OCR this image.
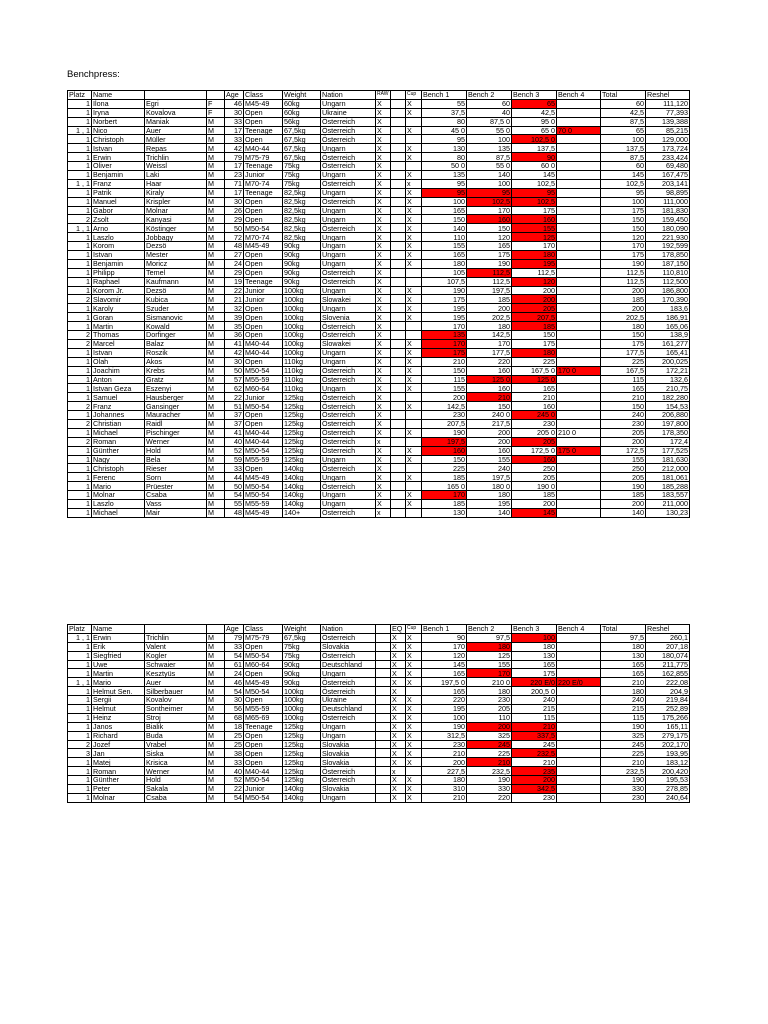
Benchpress:
Platz	Name			Age	Class	Weight	Nation	RAW		Cup	Bench 1	Bench 2	Bench 3	Bench 4	Total	Reshel
1	Ilona	Egri	F	46	M45-49	60kg	Ungarn	X		X	55	60	65		60	111,120
1	Iryna	Kovalova	F	30	Open	60kg	Ukraine	X		X	37,5	40	42,5		42,5	77,393
1	Norbert	Maniak	M	33	Open	56kg	Österreich	X			80	87,5 0	95 0		87,5	139,388
1 , 1	Nico	Auer	M	17	Teenage	67,5kg	Österreich	X		X	45 0	55 0	65 0	70 0	65	85,215
1	Christoph	Müller	M	33	Open	67,5kg	Österreich	X			95	100	102,5 0		100	129,000
1	Istvan	Repas	M	42	M40-44	67,5kg	Ungarn	X		X	130	135	137,5		137,5	173,724
1	Erwin	Trichlin	M	79	M75-79	67,5kg	Österreich	X		X	80	87,5	90		87,5	233,424
1	Oliver	Weissl	M	17	Teenage	75kg	Österreich	X			50 0	55 0	60 0		60	69,480
1	Benjamin	Laki	M	23	Junior	75kg	Ungarn	X		X	135	140	145		145	167,475
1 , 1	Franz	Haar	M	71	M70-74	75kg	Österreich	X		x	95	100	102,5		102,5	203,141
1	Patrik	Kiraly	M	17	Teenage	82,5kg	Ungarn	X		X	95	95	95		95	98,895
1	Manuel	Krispler	M	30	Open	82,5kg	Österreich	X		X	100	102,5	102,5		100	111,000
1	Gabor	Molnar	M	26	Open	82,5kg	Ungarn	X		X	165	170	175		175	181,830
2	Zsolt	Kanyasi	M	29	Open	82,5kg	Ungarn	X		X	150	160	160		150	159,450
1 , 1	Arno	Köstinger	M	50	M50-54	82,5kg	Österreich	X		X	140	150	155		150	180,090
1	Laszlo	Jobbagy	M	72	M70-74	82,5kg	Ungarn	X		X	110	120	125		120	221,930
1	Korom	Dezsö	M	48	M45-49	90kg	Ungarn	X		X	155	165	170		170	192,599
1	Istvan	Mester	M	27	Open	90kg	Ungarn	X		X	165	175	180		175	178,850
1	Benjamin	Moricz	M	24	Open	90kg	Ungarn	X		X	180	190	195		190	187,150
1	Philipp	Temel	M	29	Open	90kg	Österreich	X			105	112,5	112,5		112,5	110,810
1	Raphael	Kaufmann	M	19	Teenage	90kg	Österreich	X			107,5	112,5	120		112,5	112,500
1	Korom Jr.	Dezsö	M	22	Junior	100kg	Ungarn	X		X	190	197,5	200		200	186,800
2	Slavomir	Kubica	M	21	Junior	100kg	Slowakei	X		X	175	185	200		185	170,390
1	Karoly	Szuder	M	32	Open	100kg	Ungarn	X		X	195	200	205		200	183,6
1	Goran	Sismanovic	M	39	Open	100kg	Slovenia	X		X	195	202,5	207,5		202,5	186,91
1	Martin	Kowald	M	35	Open	100kg	Österreich	X			170	180	185		180	165,06
2	Thomas	Dorfinger	M	36	Open	100kg	Österreich	X			135	142,5	150		150	138,9
2	Marcel	Balaz	M	41	M40-44	100kg	Slowakei	X		X	170	170	175		175	161,277
1	Istvan	Roszik	M	42	M40-44	100kg	Ungarn	X		X	175	177,5	180		177,5	165,41
1	Olah	Akos	M	30	Open	110kg	Ungarn	X		X	210	220	225		225	200,025
1	Joachim	Krebs	M	50	M50-54	110kg	Österreich	X		X	150	160	167,5 0	170 0	167,5	172,21
1	Anton	Gratz	M	57	M55-59	110kg	Österreich	X		X	115	125 0	125 0		115	132,6
1	Istvan Geza	Eszenyi	M	62	M60-64	110kg	Ungarn	X		X	155	160	165		165	210,75
1	Samuel	Hausberger	M	22	Junior	125kg	Österreich	X			200	210	210		210	182,280
2	Franz	Gansinger	M	51	M50-54	125kg	Österreich	X		X	142,5	150	160		150	154,53
1	Johannes	Mauracher	M	37	Open	125kg	Österreich	X			230	240 0	245 0		240	206,880
2	Christian	Raidl	M	37	Open	125kg	Österreich	X			207,5	217,5	230		230	197,800
1	Michael	Pischinger	M	41	M40-44	125kg	Österreich	X		X	190	200	205 0	210 0	205	178,350
2	Roman	Werner	M	40	M40-44	125kg	Österreich	x			197,5	200	205		200	172,4
1	Günther	Hold	M	52	M50-54	125kg	Österreich	X		X	160	160	172,5 0	175 0	172,5	177,525
1	Nagy	Bela	M	59	M55-59	125kg	Ungarn	X		X	150	155	160		155	181,630
1	Christoph	Rieser	M	33	Open	140kg	Österreich	X			225	240	250		250	212,000
1	Ferenc	Sorn	M	44	M45-49	140kg	Ungarn	X		X	185	197,5	205		205	181,061
1	Mario	Prüester	M	50	M50-54	140kg	Österreich	X			165 0	180 0	190 0		190	185,288
1	Molnar	Csaba	M	54	M50-54	140kg	Ungarn	X		X	170	180	185		185	183,557
1	Laszlo	Vass	M	55	M55-59	140kg	Ungarn	X		X	185	195	200		200	211,000
1	Michael	Mair	M	48	M45-49	140+	Österreich	x			130	140	145		140	130,23
Platz	Name			Age	Class	Weight	Nation		EQ	Cup	Bench 1	Bench 2	Bench 3	Bench 4	Total	Reshel
1 , 1	Erwin	Trichlin	M	79	M75-79	67,5kg	Österreich		X	X	90	97,5	100		97,5	260,1
1	Erik	Valent	M	33	Open	75kg	Slovakia		X	X	170	180	180		180	207,18
1	Siegfried	Kogler	M	54	M50-54	75kg	Österreich		X	X	120	125	130		130	180,074
1	Uwe	Schwaier	M	61	M60-64	90kg	Deutschland		X	X	145	155	165		165	211,775
1	Martin	Kesztyüs	M	24	Open	90kg	Ungarn		X	X	165	170	175		165	162,855
1 , 1	Mario	Auer	M	46	M45-49	90kg	Österreich		X	X	197,5 0	210 0	220 E/0	220 E/0	210	222,08
1	Helmut Sen.	Silberbauer	M	54	M50-54	100kg	Österreich		X		165	180	200,5 0		180	204,9
1	Sergii	Kovalov	M	30	Open	100kg	Ukraine		X	X	220	230	240		240	219,84
1	Helmut	Sontheimer	M	56	M55-59	100kg	Deutschland		X	X	195	205	215		215	252,89
1	Heinz	Stroj	M	68	M65-69	100kg	Österreich		X	X	100	110	115		115	175,266
1	Janos	Bialik	M	18	Teenage	125kg	Ungarn		X	X	190	200	210		190	165,11
1	Richard	Buda	M	25	Open	125kg	Ungarn		X	X	312,5	325	337,5		325	279,175
2	Jozef	Vrabel	M	25	Open	125kg	Slovakia		X	X	230	245	245		245	202,170
3	Jan	Siska	M	38	Open	125kg	Slovakia		X	X	210	225	232,5		225	193,95
1	Matej	Krisica	M	33	Open	125kg	Slovakia		X	X	200	210	210		210	183,12
1	Roman	Werner	M	40	M40-44	125kg	Österreich		x		227,5	232,5	235		232,5	200,420
1	Günther	Hold	M	52	M50-54	125kg	Österreich		X	X	180	190	200		190	195,53
1	Peter	Sakala	M	22	Junior	140kg	Slovakia		X	X	310	330	342,5		330	278,85
1	Molnar	Csaba	M	54	M50-54	140kg	Ungarn		X	X	210	220	230		230	240,64
